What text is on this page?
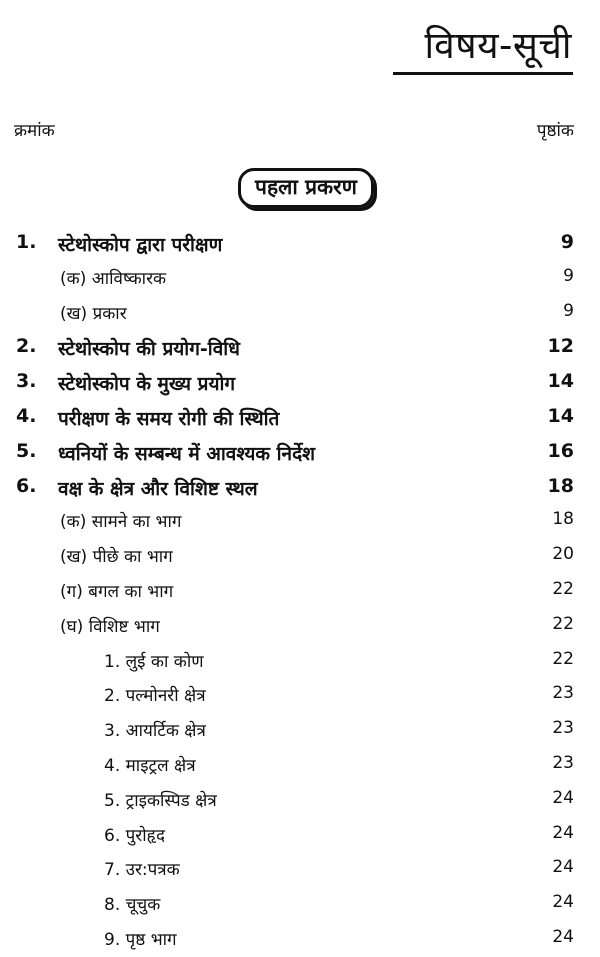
विषय-सूची
क्रमांक	पृष्ठांक
पहला प्रकरण
1. स्टेथोस्कोप द्वारा परीक्षण	9
(क) आविष्कारक	9
(ख) प्रकार	9
2. स्टेथोस्कोप की प्रयोग-विधि	12
3. स्टेथोस्कोप के मुख्य प्रयोग	14
4. परीक्षण के समय रोगी की स्थिति	14
5. ध्वनियों के सम्बन्ध में आवश्यक निर्देश	16
6. वक्ष के क्षेत्र और विशिष्ट स्थल	18
(क) सामने का भाग	18
(ख) पीछे का भाग	20
(ग) बगल का भाग	22
(घ) विशिष्ट भाग	22
1. लुई का कोण	22
2. पल्मोनरी क्षेत्र	23
3. आयर्टिक क्षेत्र	23
4. माइट्रल क्षेत्र	23
5. ट्राइकस्पिड क्षेत्र	24
6. पुरोहृद	24
7. उर:पत्रक	24
8. चूचुक	24
9. पृष्ठ भाग	24
